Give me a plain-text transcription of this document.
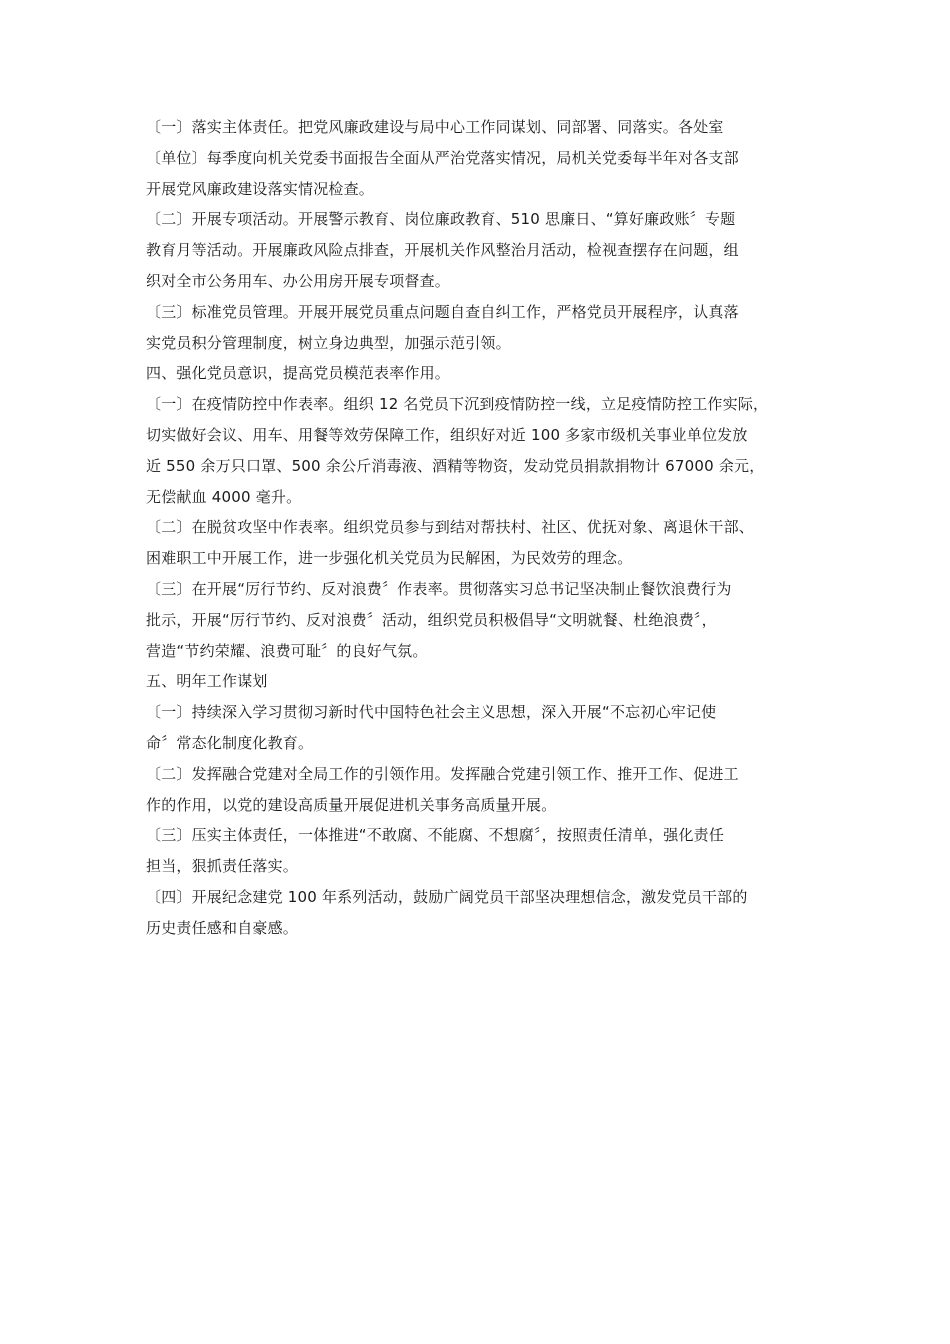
〔一〕落实主体责任。把党风廉政建设与局中心工作同谋划、同部署、同落实。各处室
〔单位〕每季度向机关党委书面报告全面从严治党落实情况，局机关党委每半年对各支部
开展党风廉政建设落实情况检查。
〔二〕开展专项活动。开展警示教育、岗位廉政教育、510 思廉日、“算好廉政账〞专题
教育月等活动。开展廉政风险点排查，开展机关作风整治月活动，检视查摆存在问题，组
织对全市公务用车、办公用房开展专项督查。
〔三〕标准党员管理。开展开展党员重点问题自查自纠工作，严格党员开展程序，认真落
实党员积分管理制度，树立身边典型，加强示范引领。
四、强化党员意识，提高党员模范表率作用。
〔一〕在疫情防控中作表率。组织 12 名党员下沉到疫情防控一线，立足疫情防控工作实际，
切实做好会议、用车、用餐等效劳保障工作，组织好对近 100 多家市级机关事业单位发放
近 550 余万只口罩、500 余公斤消毒液、酒精等物资，发动党员捐款捐物计 67000 余元，
无偿献血 4000 毫升。
〔二〕在脱贫攻坚中作表率。组织党员参与到结对帮扶村、社区、优抚对象、离退休干部、
困难职工中开展工作，进一步强化机关党员为民解困，为民效劳的理念。
〔三〕在开展“厉行节约、反对浪费〞作表率。贯彻落实习总书记坚决制止餐饮浪费行为
批示，开展“厉行节约、反对浪费〞活动，组织党员积极倡导“文明就餐、杜绝浪费〞，
营造“节约荣耀、浪费可耻〞的良好气氛。
五、明年工作谋划
〔一〕持续深入学习贯彻习新时代中国特色社会主义思想，深入开展“不忘初心牢记使
命〞常态化制度化教育。
〔二〕发挥融合党建对全局工作的引领作用。发挥融合党建引领工作、推开工作、促进工
作的作用，以党的建设高质量开展促进机关事务高质量开展。
〔三〕压实主体责任，一体推进“不敢腐、不能腐、不想腐〞，按照责任清单，强化责任
担当，狠抓责任落实。
〔四〕开展纪念建党 100 年系列活动，鼓励广阔党员干部坚决理想信念，激发党员干部的
历史责任感和自豪感。
